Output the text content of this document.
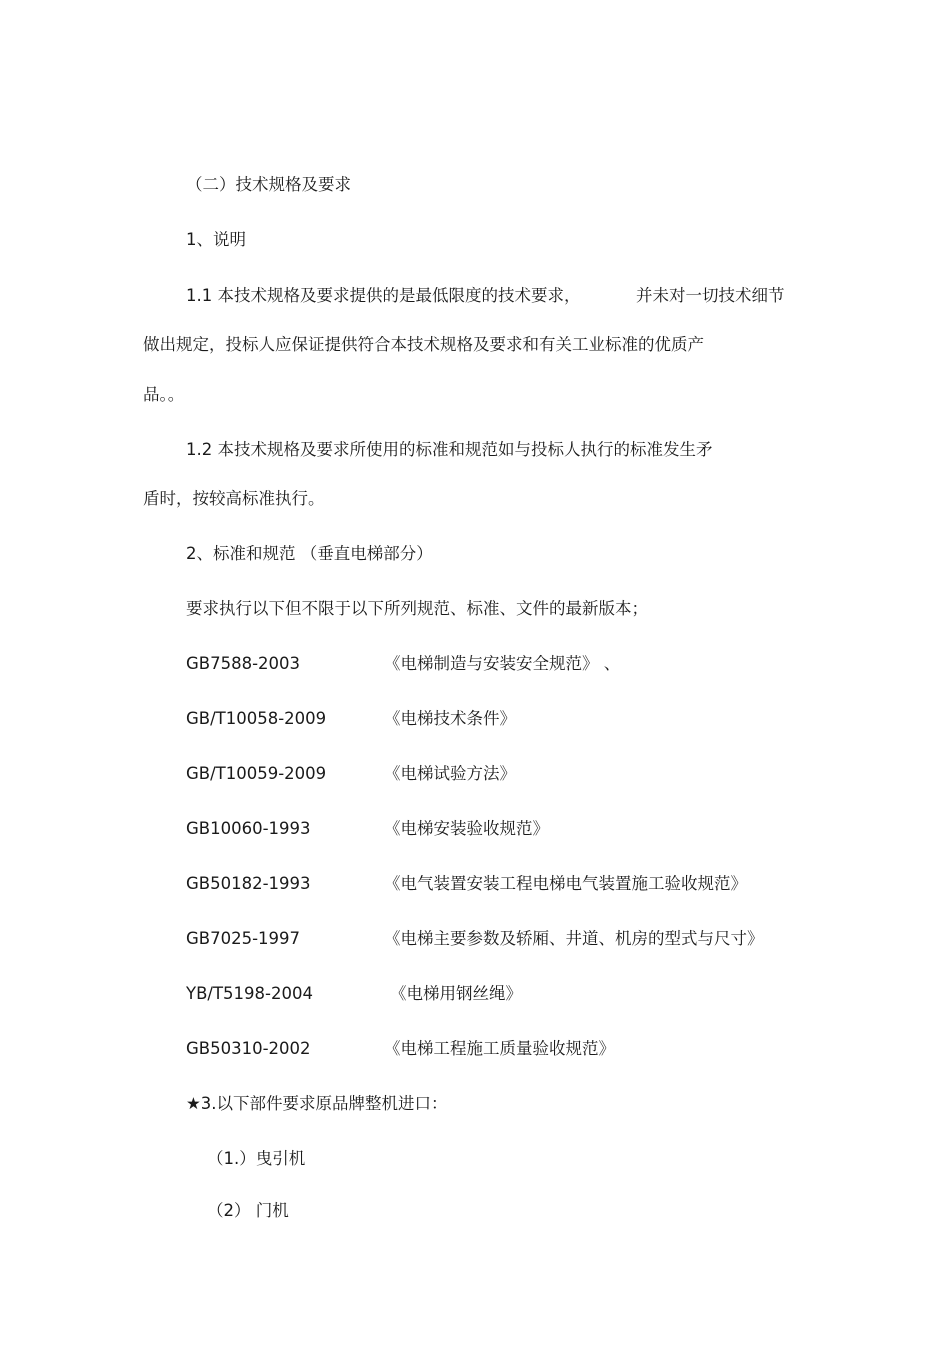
（二）技术规格及要求
1、说明
1.1 本技术规格及要求提供的是最低限度的技术要求，	并未对一切技术细节
做出规定，投标人应保证提供符合本技术规格及要求和有关工业标准的优质产
品。。
1.2 本技术规格及要求所使用的标准和规范如与投标人执行的标准发生矛
盾时，按较高标准执行。
2、标准和规范 （垂直电梯部分）
要求执行以下但不限于以下所列规范、标准、文件的最新版本；
GB7588-2003	《电梯制造与安装安全规范》 、
GB/T10058-2009	《电梯技术条件》
GB/T10059-2009	《电梯试验方法》
GB10060-1993	《电梯安装验收规范》
GB50182-1993	《电气装置安装工程电梯电气装置施工验收规范》
GB7025-1997	《电梯主要参数及轿厢、井道、机房的型式与尺寸》
YB/T5198-2004	《电梯用钢丝绳》
GB50310-2002	《电梯工程施工质量验收规范》
★3.以下部件要求原品牌整机进口：
（1.）曳引机
（2） 门机
